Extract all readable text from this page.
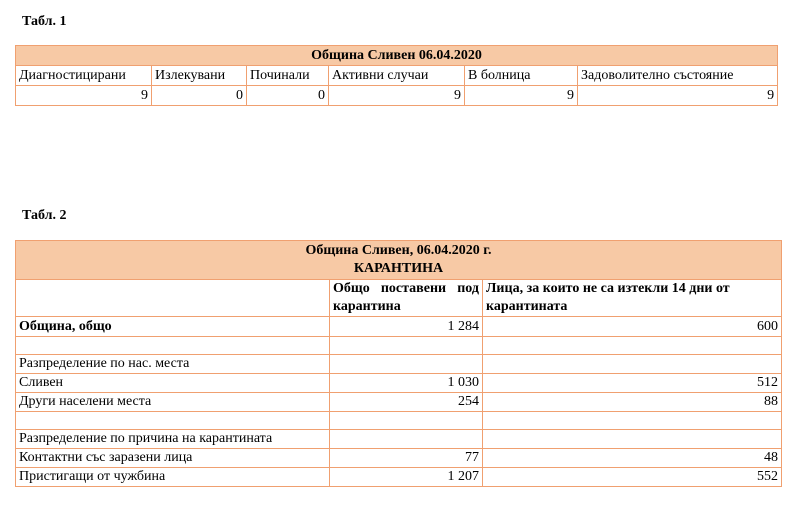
Табл. 1
Община Сливен 06.04.2020					
Диагностицирани	Излекувани	Починали	Активни случаи	В болница	Задоволително състояние
9	0	0	9	9	9
Табл. 2
Община Сливен, 06.04.2020 г.
КАРАНТИНА		

	Общо поставени под карантина	Лица, за които не са изтекли 14 дни от карантината
Община, общо	1 284	600

Разпределение по нас. места		
Сливен	1 030	512
Други населени места	254	88

Разпределение по причина на карантината		
Контактни със заразени лица	77	48
Пристигащи от чужбина	1 207	552
